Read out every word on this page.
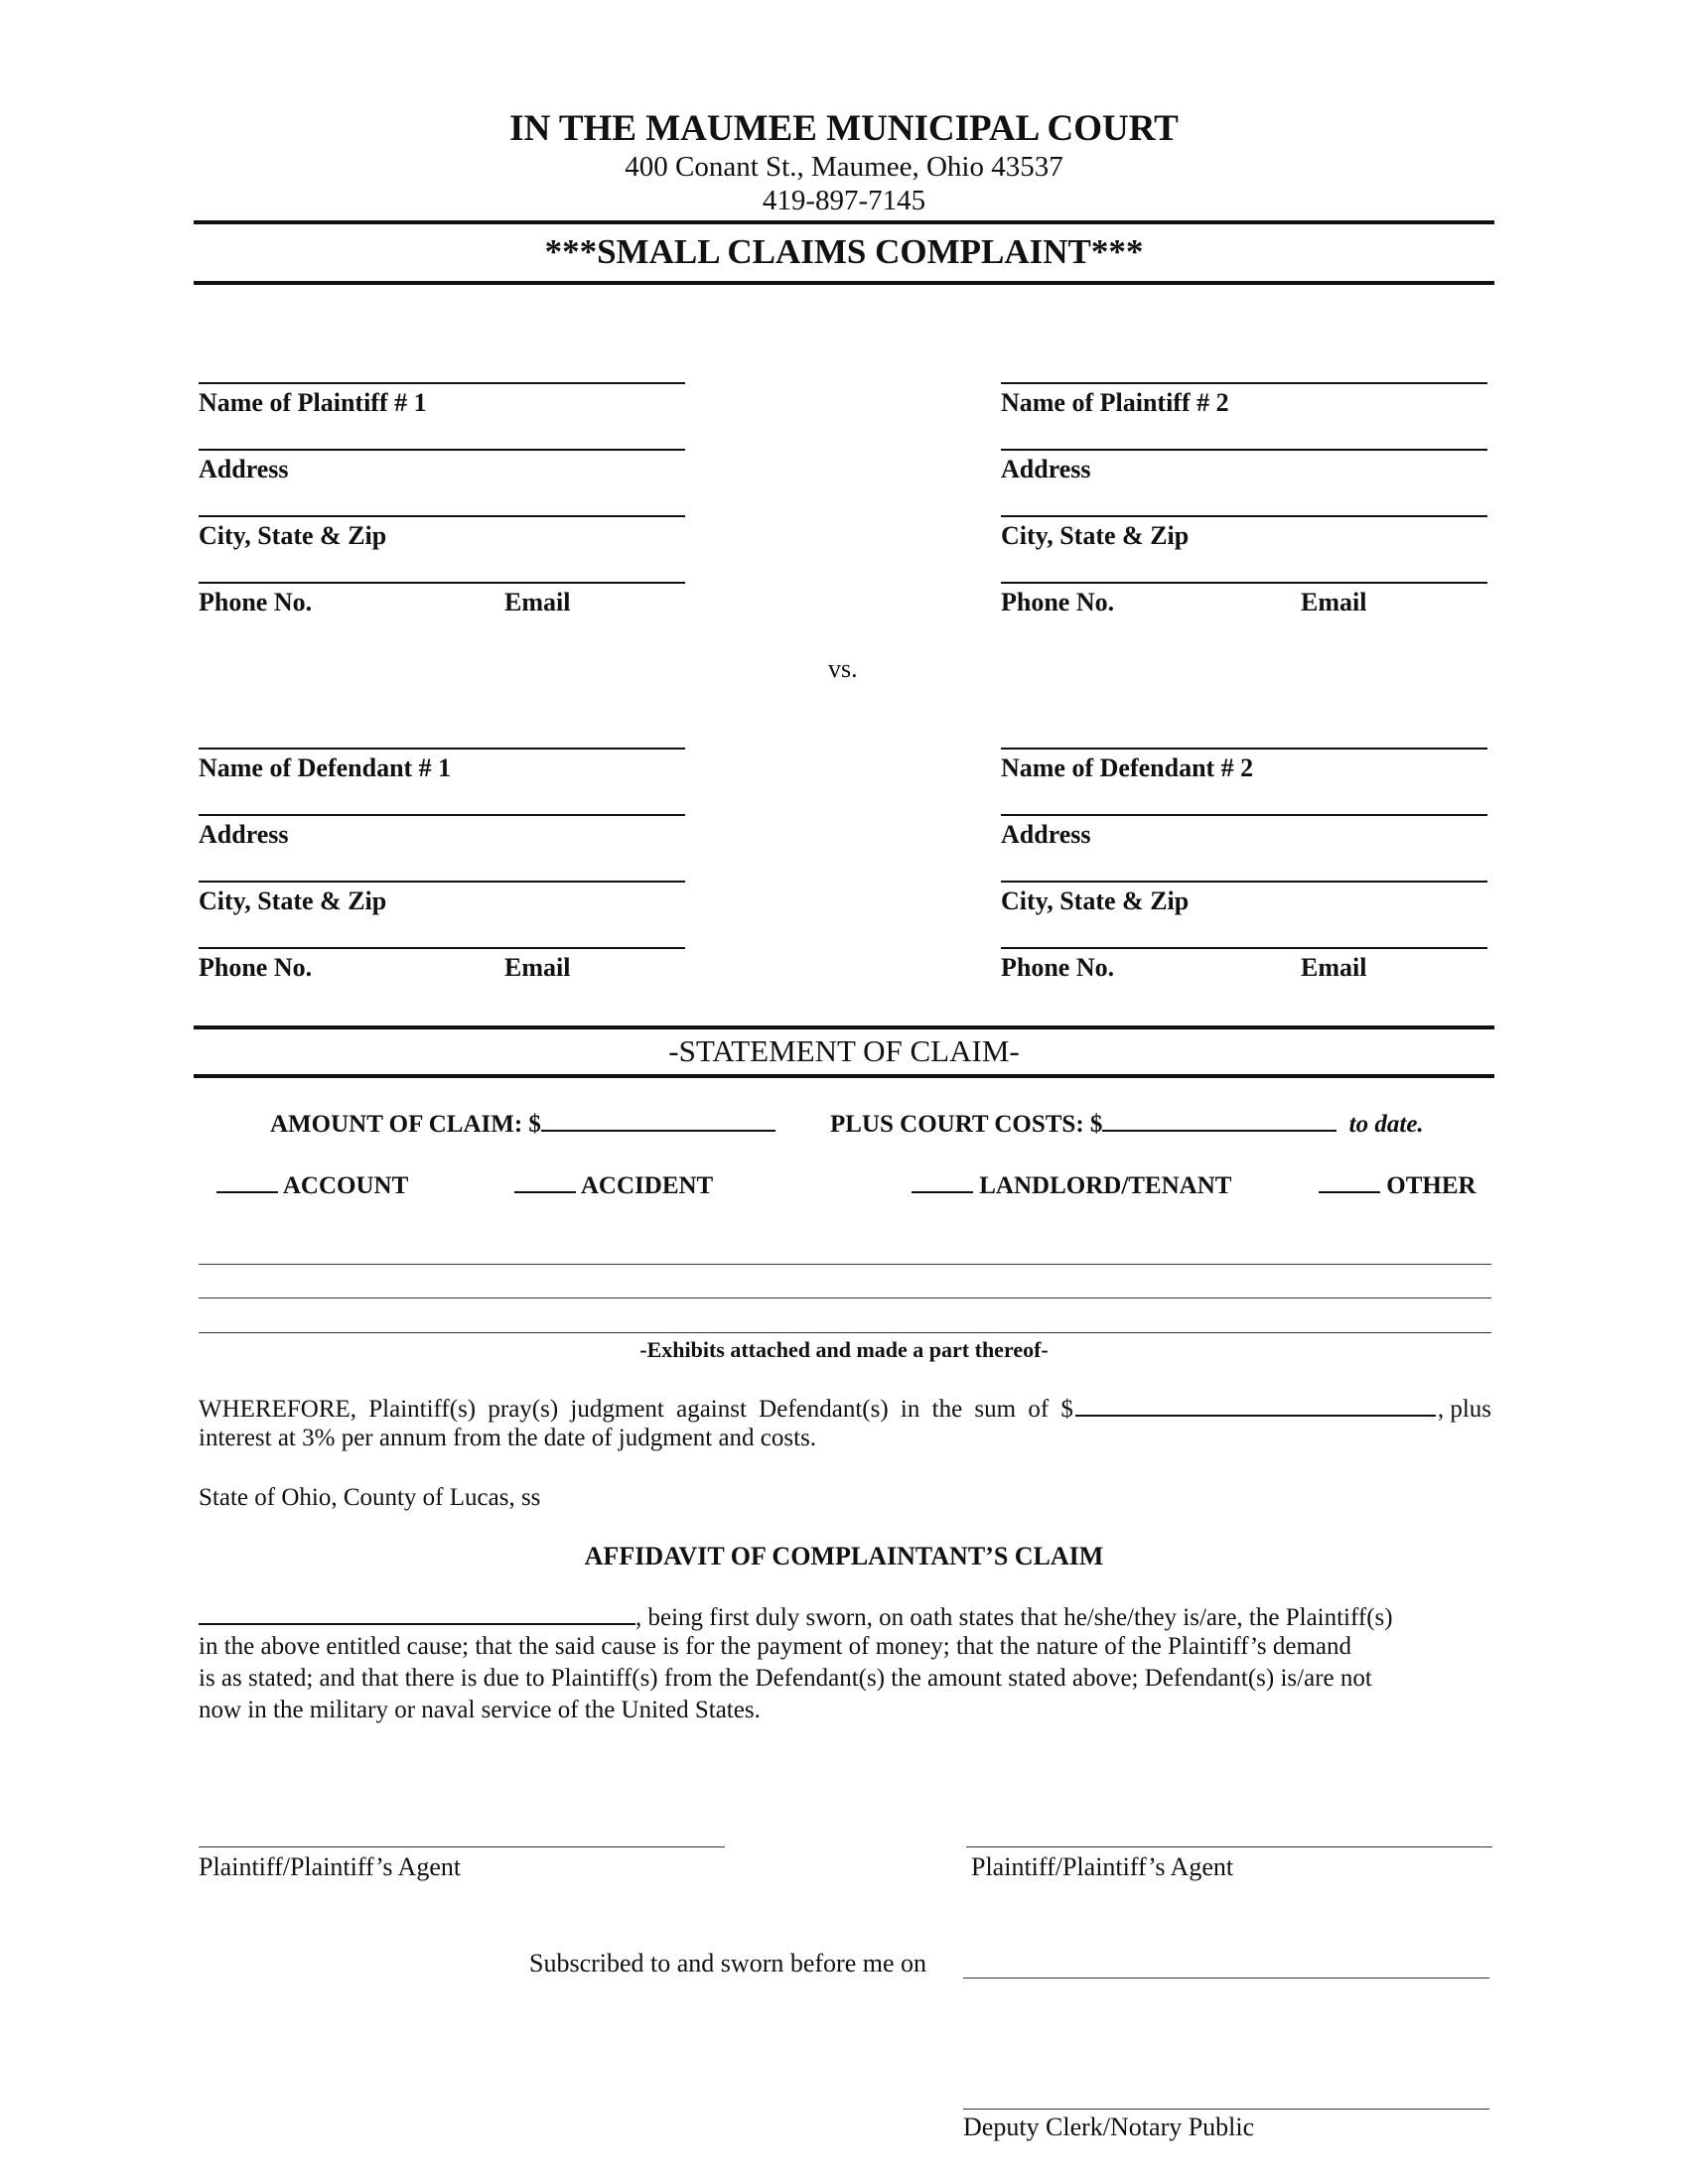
IN THE MAUMEE MUNICIPAL COURT
400 Conant St., Maumee, Ohio 43537
419-897-7145
***SMALL CLAIMS COMPLAINT***
Name of Plaintiff # 1
Address
City, State & Zip
Phone No.	Email
Name of Plaintiff # 2
Address
City, State & Zip
Phone No.	Email
vs.
Name of Defendant # 1
Address
City, State & Zip
Phone No.	Email
Name of Defendant # 2
Address
City, State & Zip
Phone No.	Email
-STATEMENT OF CLAIM-
AMOUNT OF CLAIM: $	PLUS COURT COSTS: $	to date.
ACCOUNT	ACCIDENT	LANDLORD/TENANT	OTHER
-Exhibits attached and made a part thereof-
WHEREFORE, Plaintiff(s) pray(s) judgment against Defendant(s) in the sum of $	, plus
interest at 3% per annum from the date of judgment and costs.
State of Ohio, County of Lucas, ss
AFFIDAVIT OF COMPLAINTANT’S CLAIM
, being first duly sworn, on oath states that he/she/they is/are, the Plaintiff(s)
in the above entitled cause; that the said cause is for the payment of money; that the nature of the Plaintiff’s demand
is as stated; and that there is due to Plaintiff(s) from the Defendant(s) the amount stated above; Defendant(s) is/are not
now in the military or naval service of the United States.
Plaintiff/Plaintiff’s Agent	Plaintiff/Plaintiff’s Agent
Subscribed to and sworn before me on
Deputy Clerk/Notary Public
